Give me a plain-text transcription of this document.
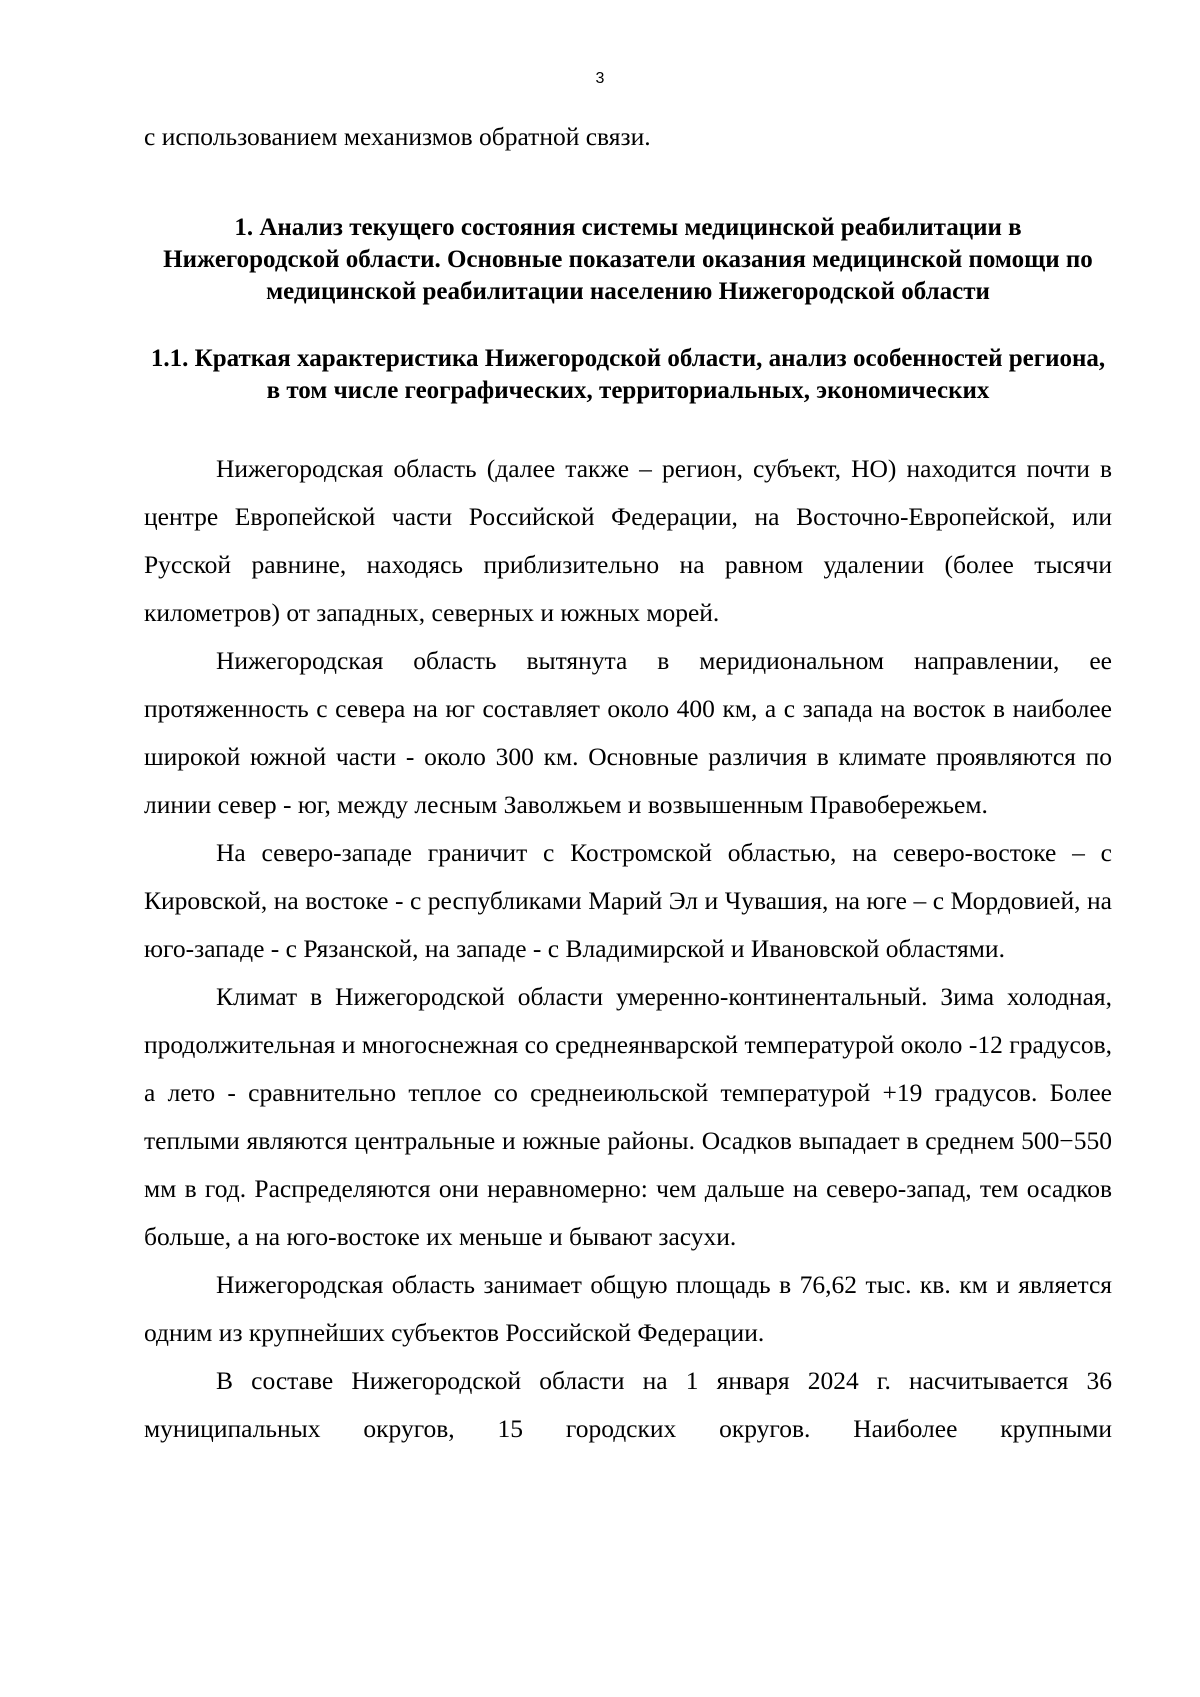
3

с использованием механизмов обратной связи.

1. Анализ текущего состояния системы медицинской реабилитации в Нижегородской области. Основные показатели оказания медицинской помощи по медицинской реабилитации населению Нижегородской области
1.1. Краткая характеристика Нижегородской области, анализ особенностей региона, в том числе географических, территориальных, экономических

Нижегородская область (далее также – регион, субъект, НО) находится почти в центре Европейской части Российской Федерации, на Восточно-Европейской, или Русской равнине, находясь приблизительно на равном удалении (более тысячи километров) от западных, северных и южных морей.

Нижегородская область вытянута в меридиональном направлении, ее протяженность с севера на юг составляет около 400 км, а с запада на восток в наиболее широкой южной части - около 300 км. Основные различия в климате проявляются по линии север - юг, между лесным Заволжьем и возвышенным Правобережьем.

На северо-западе граничит с Костромской областью, на северо-востоке – с Кировской, на востоке - с республиками Марий Эл и Чувашия, на юге – с Мордовией, на юго-западе - с Рязанской, на западе - с Владимирской и Ивановской областями.

Климат в Нижегородской области умеренно-континентальный. Зима холодная, продолжительная и многоснежная со среднеянварской температурой около -12 градусов, а лето - сравнительно теплое со среднеиюльской температурой +19 градусов. Более теплыми являются центральные и южные районы. Осадков выпадает в среднем 500−550 мм в год. Распределяются они неравномерно: чем дальше на северо-запад, тем осадков больше, а на юго-востоке их меньше и бывают засухи.

Нижегородская область занимает общую площадь в 76,62 тыс. кв. км и является одним из крупнейших субъектов Российской Федерации.

В составе Нижегородской области на 1 января 2024 г. насчитывается 36 муниципальных округов, 15 городских округов. Наиболее крупными
